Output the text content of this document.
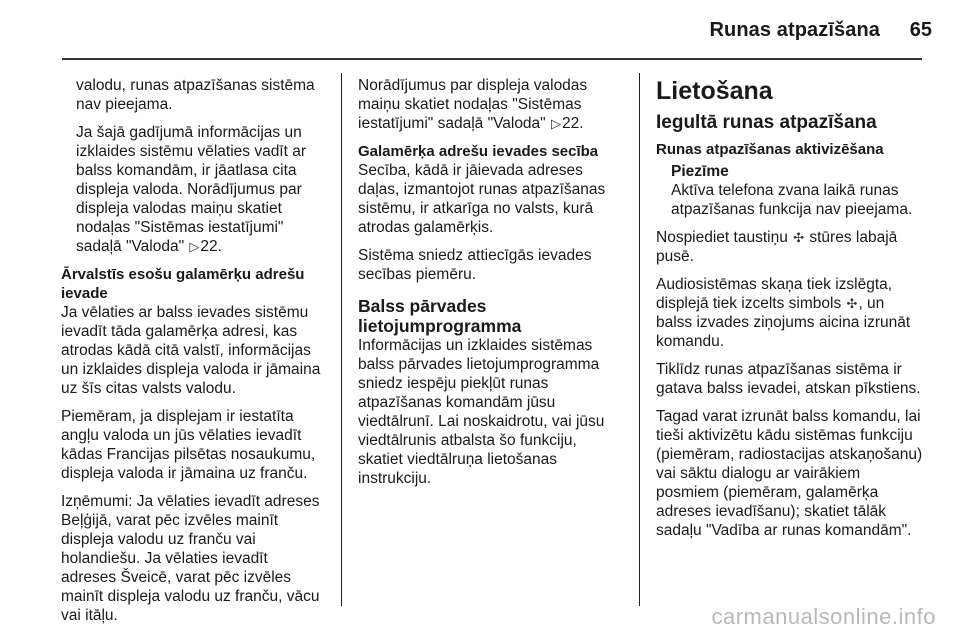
Runas atpazīšana	65

valodu, runas atpazīšanas sistēma nav pieejama.

Ja šajā gadījumā informācijas un izklaides sistēmu vēlaties vadīt ar balss komandām, ir jāatlasa cita displeja valoda. Norādījumus par displeja valodas maiņu skatiet nodaļas "Sistēmas iestatījumi" sadaļā "Valoda" ▷22.

Ārvalstīs esošu galamērķu adrešu ievade

Ja vēlaties ar balss ievades sistēmu ievadīt tāda galamērķa adresi, kas atrodas kādā citā valstī, informācijas un izklaides displeja valoda ir jāmaina uz šīs citas valsts valodu.

Piemēram, ja displejam ir iestatīta angļu valoda un jūs vēlaties ievadīt kādas Francijas pilsētas nosaukumu, displeja valoda ir jāmaina uz franču.

Izņēmumi: Ja vēlaties ievadīt adreses Beļģijā, varat pēc izvēles mainīt displeja valodu uz franču vai holandiešu. Ja vēlaties ievadīt adreses Šveicē, varat pēc izvēles mainīt displeja valodu uz franču, vācu vai itāļu.

Norādījumus par displeja valodas maiņu skatiet nodaļas "Sistēmas iestatījumi" sadaļā "Valoda" ▷22.

Galamērķa adrešu ievades secība

Secība, kādā ir jāievada adreses daļas, izmantojot runas atpazīšanas sistēmu, ir atkarīga no valsts, kurā atrodas galamērķis.

Sistēma sniedz attiecīgās ievades secības piemēru.

Balss pārvades lietojumprogramma

Informācijas un izklaides sistēmas balss pārvades lietojumprogramma sniedz iespēju piekļūt runas atpazīšanas komandām jūsu viedtālrunī. Lai noskaidrotu, vai jūsu viedtālrunis atbalsta šo funkciju, skatiet viedtālruņa lietošanas instrukciju.

Lietošana
Iegultā runas atpazīšana
Runas atpazīšanas aktivizēšana
Piezīme
Aktīva telefona zvana laikā runas atpazīšanas funkcija nav pieejama.

Nospiediet taustiņu ✣ stūres labajā pusē.

Audiosistēmas skaņa tiek izslēgta, displejā tiek izcelts simbols ✣, un balss izvades ziņojums aicina izrunāt komandu.

Tiklīdz runas atpazīšanas sistēma ir gatava balss ievadei, atskan pīkstiens.

Tagad varat izrunāt balss komandu, lai tieši aktivizētu kādu sistēmas funkciju (piemēram, radiostacijas atskaņošanu) vai sāktu dialogu ar vairākiem posmiem (piemēram, galamērķa adreses ievadīšanu); skatiet tālāk sadaļu "Vadība ar runas komandām".

carmanualsonline.info
